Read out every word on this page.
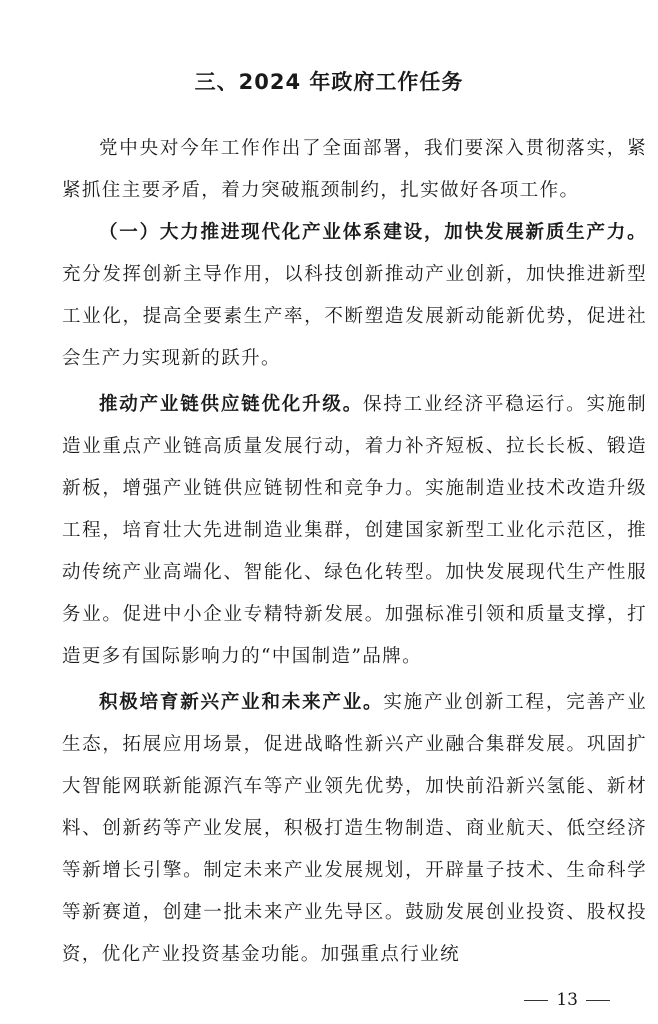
三、2024 年政府工作任务

党中央对今年工作作出了全面部署，我们要深入贯彻落实，紧紧抓住主要矛盾，着力突破瓶颈制约，扎实做好各项工作。

（一）大力推进现代化产业体系建设，加快发展新质生产力。充分发挥创新主导作用，以科技创新推动产业创新，加快推进新型工业化，提高全要素生产率，不断塑造发展新动能新优势，促进社会生产力实现新的跃升。

推动产业链供应链优化升级。保持工业经济平稳运行。实施制造业重点产业链高质量发展行动，着力补齐短板、拉长长板、锻造新板，增强产业链供应链韧性和竞争力。实施制造业技术改造升级工程，培育壮大先进制造业集群，创建国家新型工业化示范区，推动传统产业高端化、智能化、绿色化转型。加快发展现代生产性服务业。促进中小企业专精特新发展。加强标准引领和质量支撑，打造更多有国际影响力的“中国制造”品牌。

积极培育新兴产业和未来产业。实施产业创新工程，完善产业生态，拓展应用场景，促进战略性新兴产业融合集群发展。巩固扩大智能网联新能源汽车等产业领先优势，加快前沿新兴氢能、新材料、创新药等产业发展，积极打造生物制造、商业航天、低空经济等新增长引擎。制定未来产业发展规划，开辟量子技术、生命科学等新赛道，创建一批未来产业先导区。鼓励发展创业投资、股权投资，优化产业投资基金功能。加强重点行业统

13
